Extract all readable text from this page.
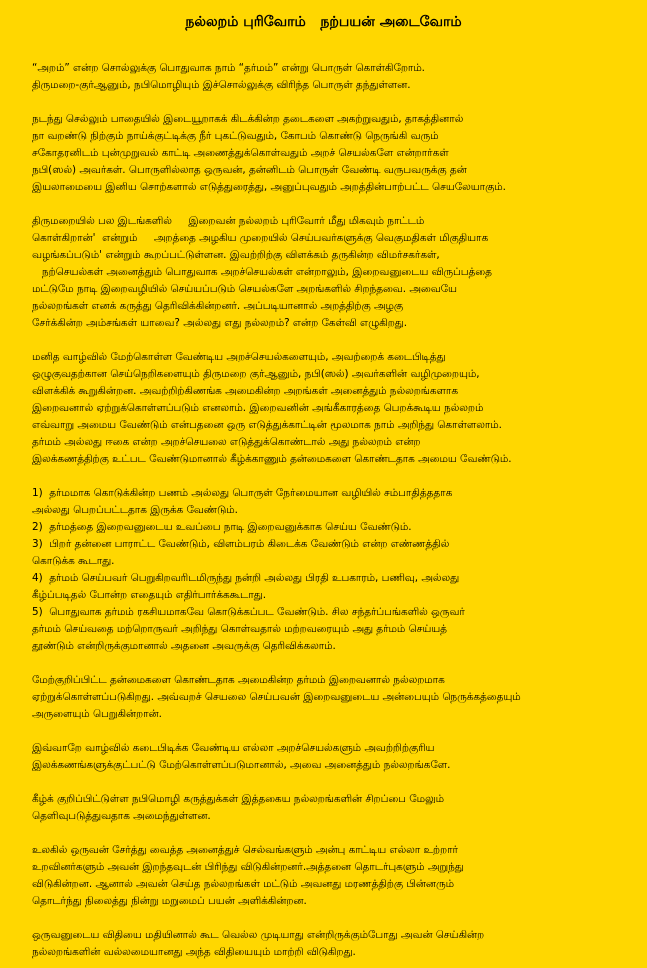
நல்லறம் புரிவோம்   நற்பயன் அடைவோம்
“அறம்” என்ற சொல்லுக்கு பொதுவாக நாம் “தர்மம்” என்று பொருள் கொள்கிறோம்.
திருமறை-குர்ஆனும், நபிமொழியும் இச்சொல்லுக்கு விரிந்த பொருள் தந்துள்ளன.
நடந்து செல்லும் பாதையில் இடையூறாகக் கிடக்கின்ற தடைகளை அகற்றுவதும், தாகத்தினால்
நா வறண்டு நிற்கும் நாய்க்குட்டிக்கு நீர் புகட்டுவதும், கோபம் கொண்டு நெருங்கி வரும்
சகோதரனிடம் புன்முறுவல் காட்டி அணைத்துக்கொள்வதும் அறச் செயல்களே என்றார்கள்
நபி(ஸல்) அவர்கள். பொருளில்லாத ஒருவன், தன்னிடம் பொருள் வேண்டி வருபவருக்கு தன்
இயலாமையை இனிய சொற்களால் எடுத்துரைத்து, அனுப்புவதும் அறத்தின்பாற்பட்ட செயலேயாகும்.
திருமறையில் பல இடங்களில்     இறைவன் நல்லறம் புரிவோர் மீது மிகவும் நாட்டம்
கொள்கிறான்'  என்றும்     அறத்தை அழகிய முறையில் செய்பவர்களுக்கு வெகுமதிகள் மிகுதியாக
வழங்கப்படும்' என்றும் கூறப்பட்டுள்ளன. இவற்றிற்கு விளக்கம் தருகின்ற விமர்சகர்கள்,
நற்செயல்கள் அனைத்தும் பொதுவாக அறச்செயல்கள் என்றாலும், இறைவனுடைய விருப்பத்தை
மட்டுமே நாடி இறைவழியில் செய்யப்படும் செயல்களே அறங்களில் சிறந்தவை. அவையே
நல்லறங்கள் எனக் கருத்து தெரிவிக்கின்றனர். அப்படியானால் அறத்திற்கு அழகு
சேர்க்கின்ற அம்சங்கள் யாவை? அல்லது எது நல்லறம்? என்ற கேள்வி எழுகிறது.
மனித வாழ்வில் மேற்கொள்ள வேண்டிய அறச்செயல்களையும், அவற்றைக் கடைபிடித்து
ஒழுகுவதற்கான செய்நெறிகளையும் திருமறை குர்ஆனும், நபி(ஸல்) அவர்களின் வழிமுறையும்,
விளக்கிக் கூறுகின்றன. அவற்றிற்கிணங்க அமைகின்ற அறங்கள் அனைத்தும் நல்லறங்களாக
இறைவனால் ஏற்றுக்கொள்ளப்படும் எனலாம். இறைவனின் அங்கீகாரத்தை பெறக்கூடிய நல்லறம்
எவ்வாறு அமைய வேண்டும் என்பதனை ஒரு எடுத்துக்காட்டின் மூலமாக நாம் அறிந்து கொள்ளலாம்.
தர்மம் அல்லது ஈகை என்ற அறச்செயலை எடுத்துக்கொண்டால் அது நல்லறம் என்ற
இலக்கணத்திற்கு உட்பட வேண்டுமானால் கீழ்க்காணும் தன்மைகளை கொண்டதாக அமைய வேண்டும்.
1)  தர்மமாக கொடுக்கின்ற பணம் அல்லது பொருள் நேர்மையான வழியில் சம்பாதித்ததாக
அல்லது பெறப்பட்டதாக இருக்க வேண்டும்.
2)  தர்மத்தை இறைவனுடைய உவப்பை நாடி இறைவனுக்காக செய்ய வேண்டும்.
3)  பிறர் தன்னை பாராட்ட வேண்டும், விளம்பரம் கிடைக்க வேண்டும் என்ற எண்ணத்தில்
கொடுக்க கூடாது.
4)  தர்மம் செய்பவர் பெறுகிறவரிடமிருந்து நன்றி அல்லது பிரதி உபகாரம், பணிவு, அல்லது
கீழ்ப்படிதல் போன்ற எதையும் எதிர்பார்க்ககூடாது.
5)  பொதுவாக தர்மம் ரகசியமாகவே கொடுக்கப்பட வேண்டும். சில சந்தர்ப்பங்களில் ஒருவர்
தர்மம் செய்வதை மற்றொருவர் அறிந்து கொள்வதால் மற்றவரையும் அது தர்மம் செய்யத்
தூண்டும் என்றிருக்குமானால் அதனை அவருக்கு தெரிவிக்கலாம்.
மேற்குறிப்பிட்ட தன்மைகளை கொண்டதாக அமைகின்ற தர்மம் இறைவனால் நல்லறமாக
ஏற்றுக்கொள்ளப்படுகிறது. அவ்வறச் செயலை செய்பவன் இறைவனுடைய அன்பையும் நெருக்கத்தையும்
அருளையும் பெறுகின்றான்.
இவ்வாறே வாழ்வில் கடைபிடிக்க வேண்டிய எல்லா அறச்செயல்களும் அவற்றிற்குரிய
இலக்கணங்களுக்குட்பட்டு மேற்கொள்ளப்படுமானால், அவை அனைத்தும் நல்லறங்களே.
கீழ்க் குறிப்பிட்டுள்ள நபிமொழி கருத்துக்கள் இத்தகைய நல்லறங்களின் சிறப்பை மேலும்
தெளிவுபடுத்துவதாக அமைந்துள்ளன.
உலகில் ஒருவன் சேர்த்து வைத்த அனைத்துச் செல்வங்களும் அன்பு காட்டிய எல்லா உற்றார்
உறவினர்களும் அவன் இறந்தவுடன் பிரிந்து விடுகின்றனர்.அத்தனை தொடர்புகளும் அறுந்து
விடுகின்றன. ஆனால் அவன் செய்த நல்லறங்கள் மட்டும் அவனது மரணத்திற்கு பின்னரும்
தொடர்ந்து நிலைத்து நின்று மறுமைப் பயன் அளிக்கின்றன.
ஒருவனுடைய விதியை மதியினால் கூட வெல்ல முடியாது என்றிருக்கும்போது அவன் செய்கின்ற
நல்லறங்களின் வல்லமையானது அந்த விதியையும் மாற்றி விடுகிறது.
